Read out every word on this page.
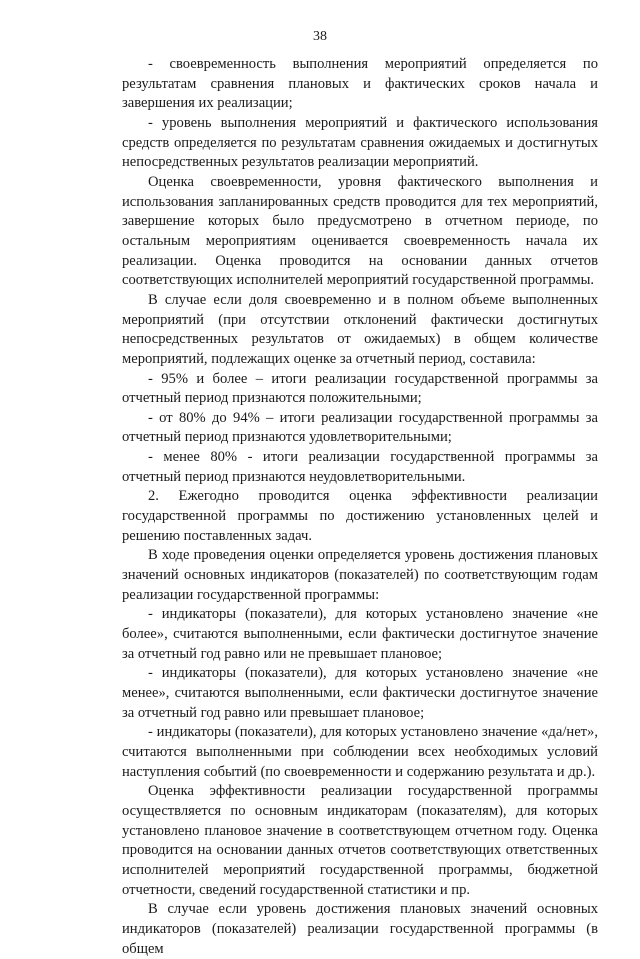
38

- своевременность выполнения мероприятий определяется по результатам сравнения плановых и фактических сроков начала и завершения их реализации;

- уровень выполнения мероприятий и фактического использования средств определяется по результатам сравнения ожидаемых и достигнутых непосредственных результатов реализации мероприятий.

Оценка своевременности, уровня фактического выполнения и использования запланированных средств проводится для тех мероприятий, завершение которых было предусмотрено в отчетном периоде, по остальным мероприятиям оценивается своевременность начала их реализации. Оценка проводится на основании данных отчетов соответствующих исполнителей мероприятий государственной программы.

В случае если доля своевременно и в полном объеме выполненных мероприятий (при отсутствии отклонений фактически достигнутых непосредственных результатов от ожидаемых) в общем количестве мероприятий, подлежащих оценке за отчетный период, составила:

- 95% и более – итоги реализации государственной программы за отчетный период признаются положительными;

- от 80% до 94% – итоги реализации государственной программы за отчетный период признаются удовлетворительными;

- менее 80% - итоги реализации государственной программы за отчетный период признаются неудовлетворительными.

2. Ежегодно проводится оценка эффективности реализации государственной программы по достижению установленных целей и решению поставленных задач.

В ходе проведения оценки определяется уровень достижения плановых значений основных индикаторов (показателей) по соответствующим годам реализации государственной программы:

- индикаторы (показатели), для которых установлено значение «не более», считаются выполненными, если фактически достигнутое значение за отчетный год равно или не превышает плановое;

- индикаторы (показатели), для которых установлено значение «не менее», считаются выполненными, если фактически достигнутое значение за отчетный год равно или превышает плановое;

- индикаторы (показатели), для которых установлено значение «да/нет», считаются выполненными при соблюдении всех необходимых условий наступления событий (по своевременности и содержанию результата и др.).

Оценка эффективности реализации государственной программы осуществляется по основным индикаторам (показателям), для которых установлено плановое значение в соответствующем отчетном году. Оценка проводится на основании данных отчетов соответствующих ответственных исполнителей мероприятий государственной программы, бюджетной отчетности, сведений государственной статистики и пр.

В случае если уровень достижения плановых значений основных индикаторов (показателей) реализации государственной программы (в общем
